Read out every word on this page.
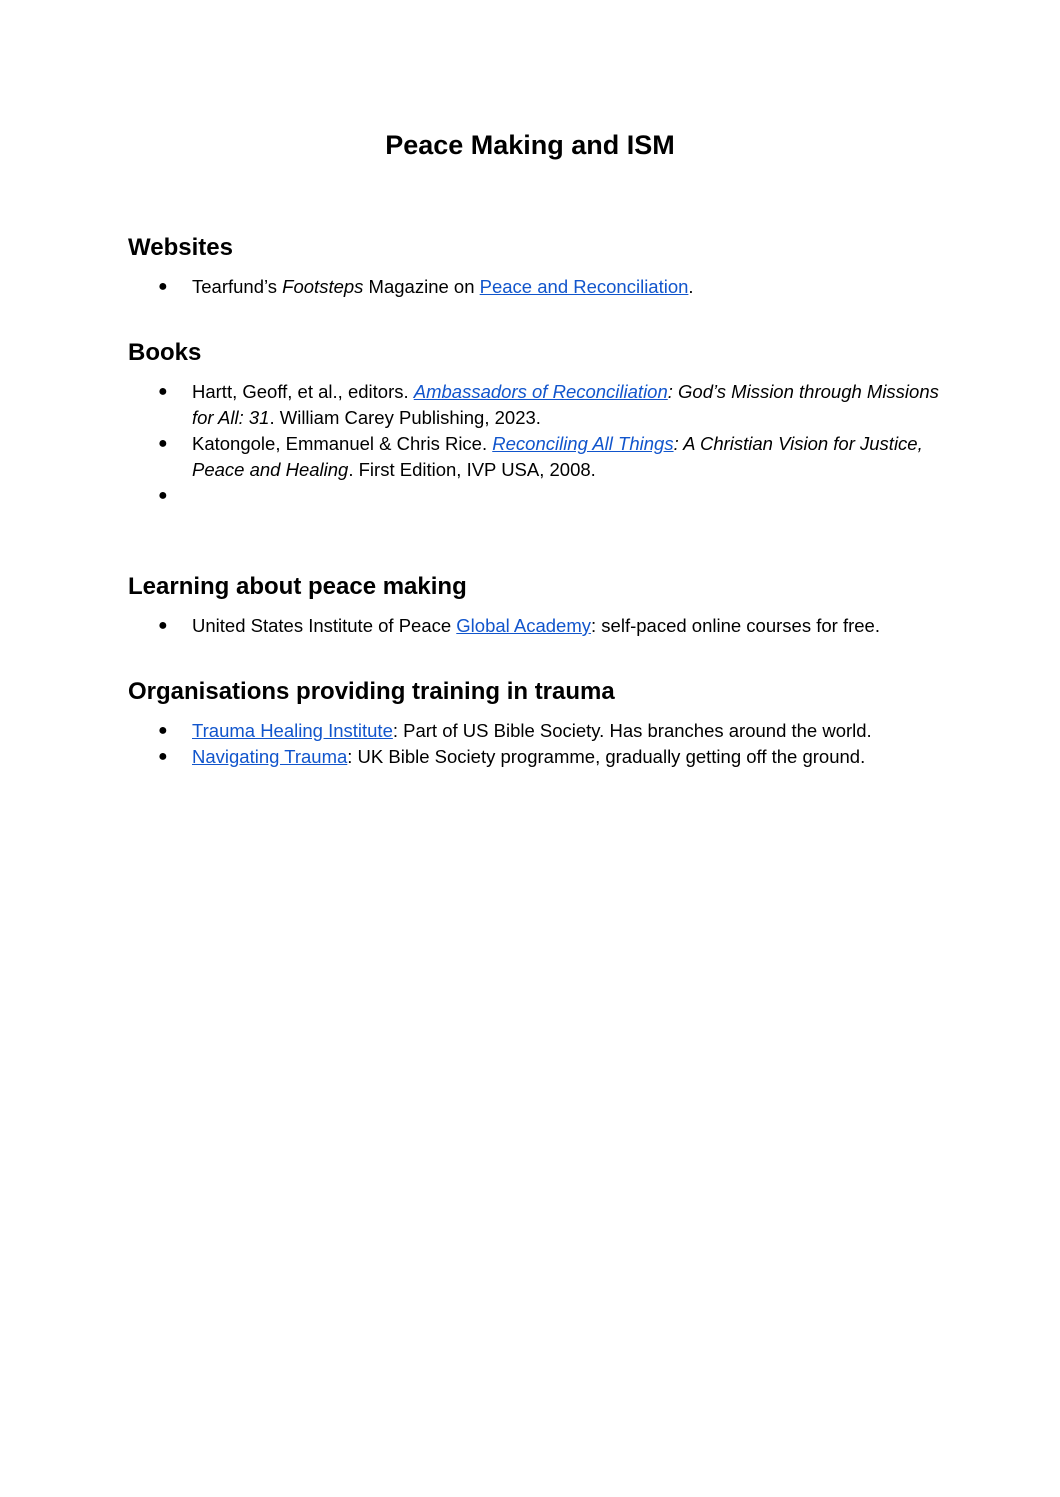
Peace Making and ISM
Websites
● Tearfund’s Footsteps Magazine on Peace and Reconciliation.
Books
● Hartt, Geoff, et al., editors. Ambassadors of Reconciliation: God’s Mission through Missions for All: 31. William Carey Publishing, 2023.
● Katongole, Emmanuel & Chris Rice. Reconciling All Things: A Christian Vision for Justice, Peace and Healing. First Edition, IVP USA, 2008.
●

Learning about peace making
● United States Institute of Peace Global Academy: self-paced online courses for free.
Organisations providing training in trauma
● Trauma Healing Institute: Part of US Bible Society. Has branches around the world.
● Navigating Trauma: UK Bible Society programme, gradually getting off the ground.
